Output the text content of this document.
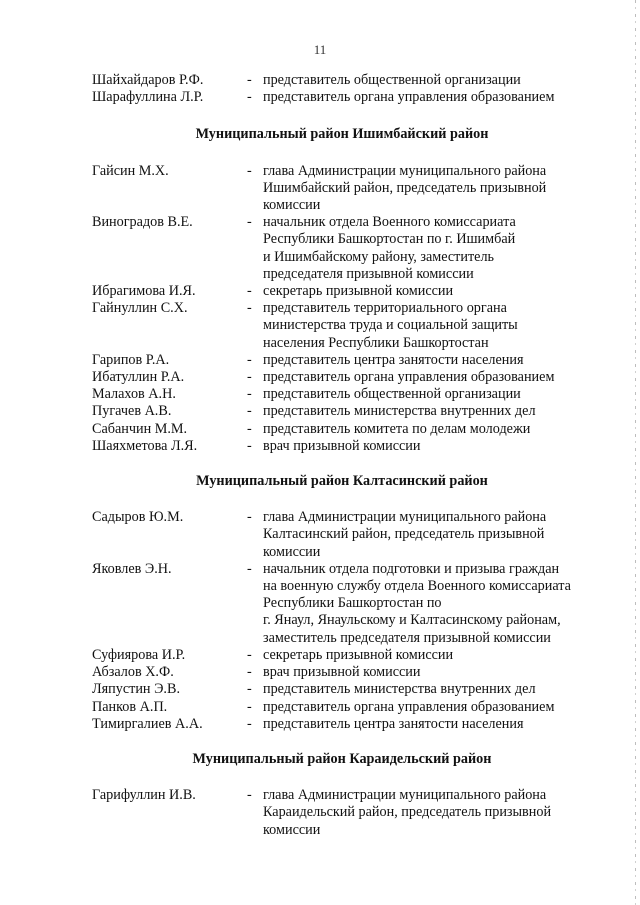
11
Шайхайдаров Р.Ф.	- представитель общественной организации
Шарафуллина Л.Р.	- представитель органа управления образованием
Муниципальный район Ишимбайский район
Гайсин М.Х.	- глава Администрации муниципального района
Ишимбайский район, председатель призывной
комиссии
Виноградов В.Е.	- начальник отдела Военного комиссариата
Республики Башкортостан по г. Ишимбай
и Ишимбайскому району, заместитель
председателя призывной комиссии
Ибрагимова И.Я.	- секретарь призывной комиссии
Гайнуллин С.Х.	- представитель территориального органа
министерства труда и социальной защиты
населения Республики Башкортостан
Гарипов Р.А.	- представитель центра занятости населения
Ибатуллин Р.А.	- представитель органа управления образованием
Малахов А.Н.	- представитель общественной организации
Пугачев А.В.	- представитель министерства внутренних дел
Сабанчин М.М.	- представитель комитета по делам молодежи
Шаяхметова Л.Я.	- врач призывной комиссии
Муниципальный район Калтасинский район
Садыров Ю.М.	- глава Администрации муниципального района
Калтасинский район, председатель призывной
комиссии
Яковлев Э.Н.	- начальник отдела подготовки и призыва граждан
на военную службу отдела Военного комиссариата
Республики Башкортостан по
г. Янаул, Янаульскому и Калтасинскому районам,
заместитель председателя призывной комиссии
Суфиярова И.Р.	- секретарь призывной комиссии
Абзалов Х.Ф.	- врач призывной комиссии
Ляпустин Э.В.	- представитель министерства внутренних дел
Панков А.П.	- представитель органа управления образованием
Тимиргалиев А.А.	- представитель центра занятости населения
Муниципальный район Караидельский район
Гарифуллин И.В.	- глава Администрации муниципального района
Караидельский район, председатель призывной
комиссии
